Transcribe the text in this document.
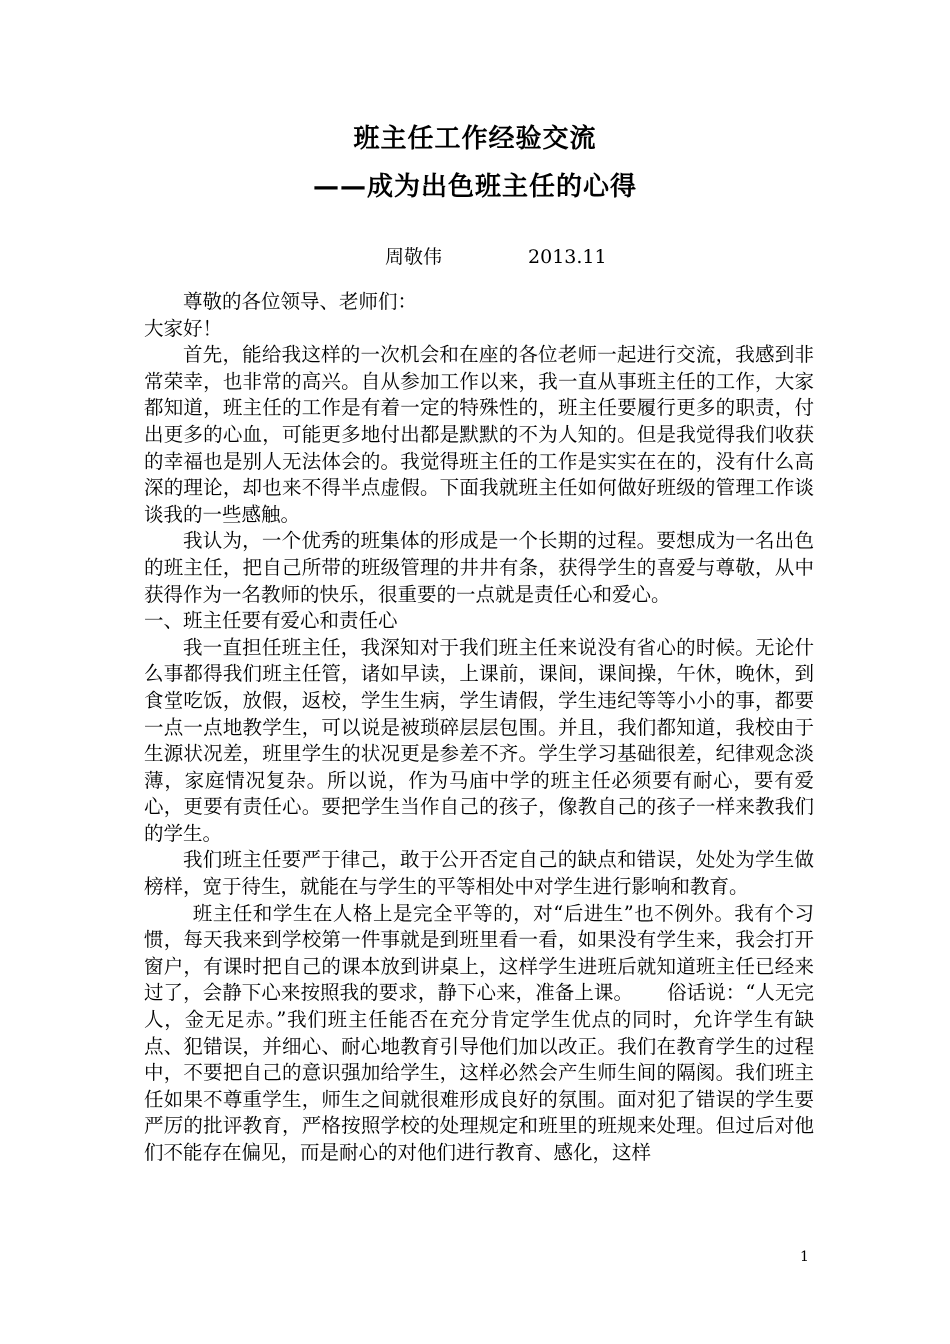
班主任工作经验交流
——成为出色班主任的心得
周敬伟	2013.11

尊敬的各位领导、老师们：

大家好！

首先，能给我这样的一次机会和在座的各位老师一起进行交流，我感到非常荣幸，也非常的高兴。自从参加工作以来，我一直从事班主任的工作，大家都知道，班主任的工作是有着一定的特殊性的，班主任要履行更多的职责，付出更多的心血，可能更多地付出都是默默的不为人知的。但是我觉得我们收获的幸福也是别人无法体会的。我觉得班主任的工作是实实在在的，没有什么高深的理论，却也来不得半点虚假。下面我就班主任如何做好班级的管理工作谈谈我的一些感触。

我认为，一个优秀的班集体的形成是一个长期的过程。要想成为一名出色的班主任，把自己所带的班级管理的井井有条，获得学生的喜爱与尊敬，从中获得作为一名教师的快乐，很重要的一点就是责任心和爱心。

一、班主任要有爱心和责任心

我一直担任班主任，我深知对于我们班主任来说没有省心的时候。无论什么事都得我们班主任管，诸如早读，上课前，课间，课间操，午休，晚休，到食堂吃饭，放假，返校，学生生病，学生请假，学生违纪等等小小的事，都要一点一点地教学生，可以说是被琐碎层层包围。并且，我们都知道，我校由于生源状况差，班里学生的状况更是参差不齐。学生学习基础很差，纪律观念淡薄，家庭情况复杂。所以说，作为马庙中学的班主任必须要有耐心，要有爱心，更要有责任心。要把学生当作自己的孩子，像教自己的孩子一样来教我们的学生。

我们班主任要严于律己，敢于公开否定自己的缺点和错误，处处为学生做榜样，宽于待生，就能在与学生的平等相处中对学生进行影响和教育。

班主任和学生在人格上是完全平等的，对“后进生”也不例外。我有个习惯，每天我来到学校第一件事就是到班里看一看，如果没有学生来，我会打开窗户，有课时把自己的课本放到讲桌上，这样学生进班后就知道班主任已经来过了，会静下心来按照我的要求，静下心来，准备上课。 俗话说：“人无完人，金无足赤。”我们班主任能否在充分肯定学生优点的同时，允许学生有缺点、犯错误，并细心、耐心地教育引导他们加以改正。我们在教育学生的过程中，不要把自己的意识强加给学生，这样必然会产生师生间的隔阂。我们班主任如果不尊重学生，师生之间就很难形成良好的氛围。面对犯了错误的学生要严厉的批评教育，严格按照学校的处理规定和班里的班规来处理。但过后对他们不能存在偏见，而是耐心的对他们进行教育、感化，这样

1
